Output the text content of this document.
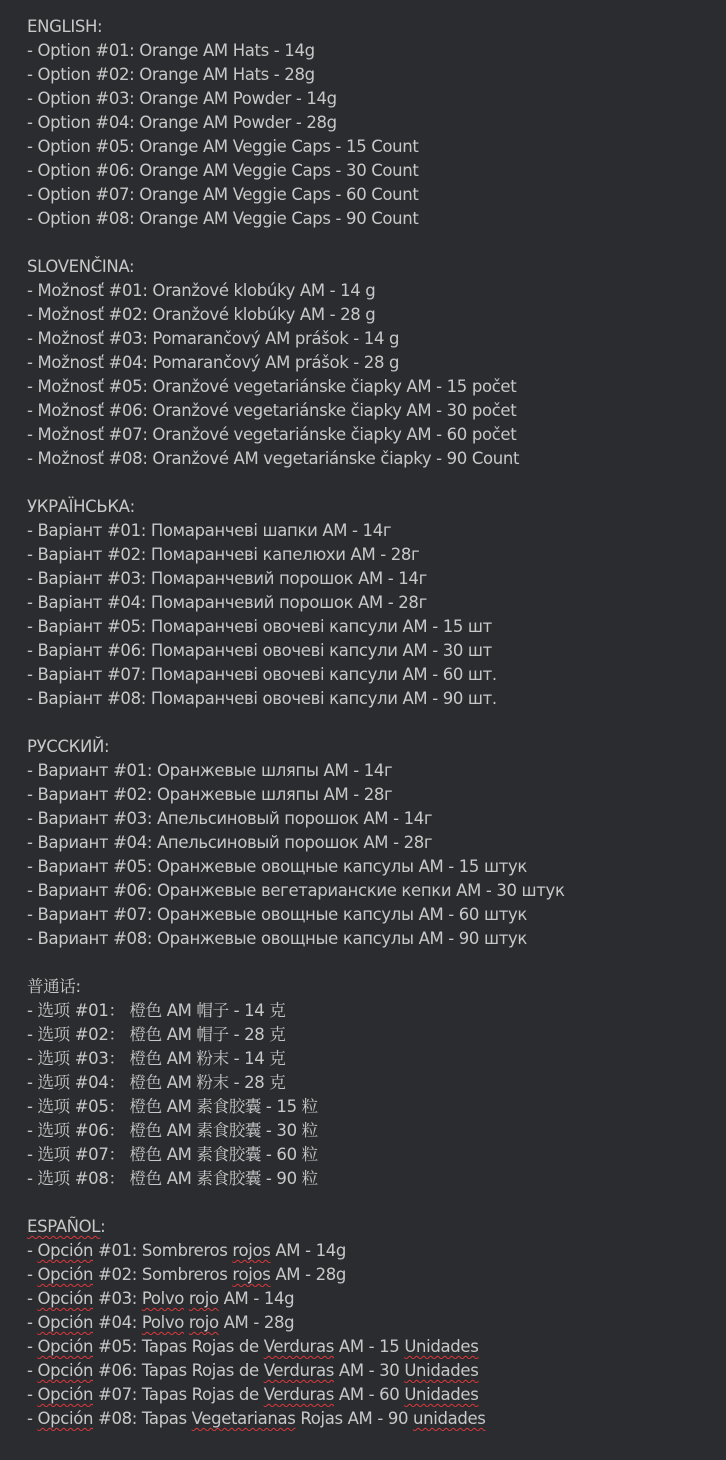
ENGLISH:
- Option #01: Orange AM Hats - 14g
- Option #02: Orange AM Hats - 28g
- Option #03: Orange AM Powder - 14g
- Option #04: Orange AM Powder - 28g
- Option #05: Orange AM Veggie Caps - 15 Count
- Option #06: Orange AM Veggie Caps - 30 Count
- Option #07: Orange AM Veggie Caps - 60 Count
- Option #08: Orange AM Veggie Caps - 90 Count
SLOVENČINA:
- Možnosť #01: Oranžové klobúky AM - 14 g
- Možnosť #02: Oranžové klobúky AM - 28 g
- Možnosť #03: Pomarančový AM prášok - 14 g
- Možnosť #04: Pomarančový AM prášok - 28 g
- Možnosť #05: Oranžové vegetariánske čiapky AM - 15 počet
- Možnosť #06: Oranžové vegetariánske čiapky AM - 30 počet
- Možnosť #07: Oranžové vegetariánske čiapky AM - 60 počet
- Možnosť #08: Oranžové AM vegetariánske čiapky - 90 Count
УКРАЇНСЬКА:
- Варіант #01: Помаранчеві шапки AM - 14г
- Варіант #02: Помаранчеві капелюхи AM - 28г
- Варіант #03: Помаранчевий порошок AM - 14г
- Варіант #04: Помаранчевий порошок AM - 28г
- Варіант #05: Помаранчеві овочеві капсули AM - 15 шт
- Варіант #06: Помаранчеві овочеві капсули AM - 30 шт
- Варіант #07: Помаранчеві овочеві капсули AM - 60 шт.
- Варіант #08: Помаранчеві овочеві капсули AM - 90 шт.
РУССКИЙ:
- Вариант #01: Оранжевые шляпы AM - 14г
- Вариант #02: Оранжевые шляпы AM - 28г
- Вариант #03: Апельсиновый порошок AM - 14г
- Вариант #04: Апельсиновый порошок AM - 28г
- Вариант #05: Оранжевые овощные капсулы AM - 15 штук
- Вариант #06: Оранжевые вегетарианские кепки AM - 30 штук
- Вариант #07: Оранжевые овощные капсулы AM - 60 штук
- Вариант #08: Оранжевые овощные капсулы AM - 90 штук
普通话:
- 选项 #01： 橙色 AM 帽子 - 14 克
- 选项 #02： 橙色 AM 帽子 - 28 克
- 选项 #03： 橙色 AM 粉末 - 14 克
- 选项 #04： 橙色 AM 粉末 - 28 克
- 选项 #05： 橙色 AM 素食胶囊 - 15 粒
- 选项 #06： 橙色 AM 素食胶囊 - 30 粒
- 选项 #07： 橙色 AM 素食胶囊 - 60 粒
- 选项 #08： 橙色 AM 素食胶囊 - 90 粒
ESPAÑOL:
- Opción #01: Sombreros rojos AM - 14g
- Opción #02: Sombreros rojos AM - 28g
- Opción #03: Polvo rojo AM - 14g
- Opción #04: Polvo rojo AM - 28g
- Opción #05: Tapas Rojas de Verduras AM - 15 Unidades
- Opción #06: Tapas Rojas de Verduras AM - 30 Unidades
- Opción #07: Tapas Rojas de Verduras AM - 60 Unidades
- Opción #08: Tapas Vegetarianas Rojas AM - 90 unidades
